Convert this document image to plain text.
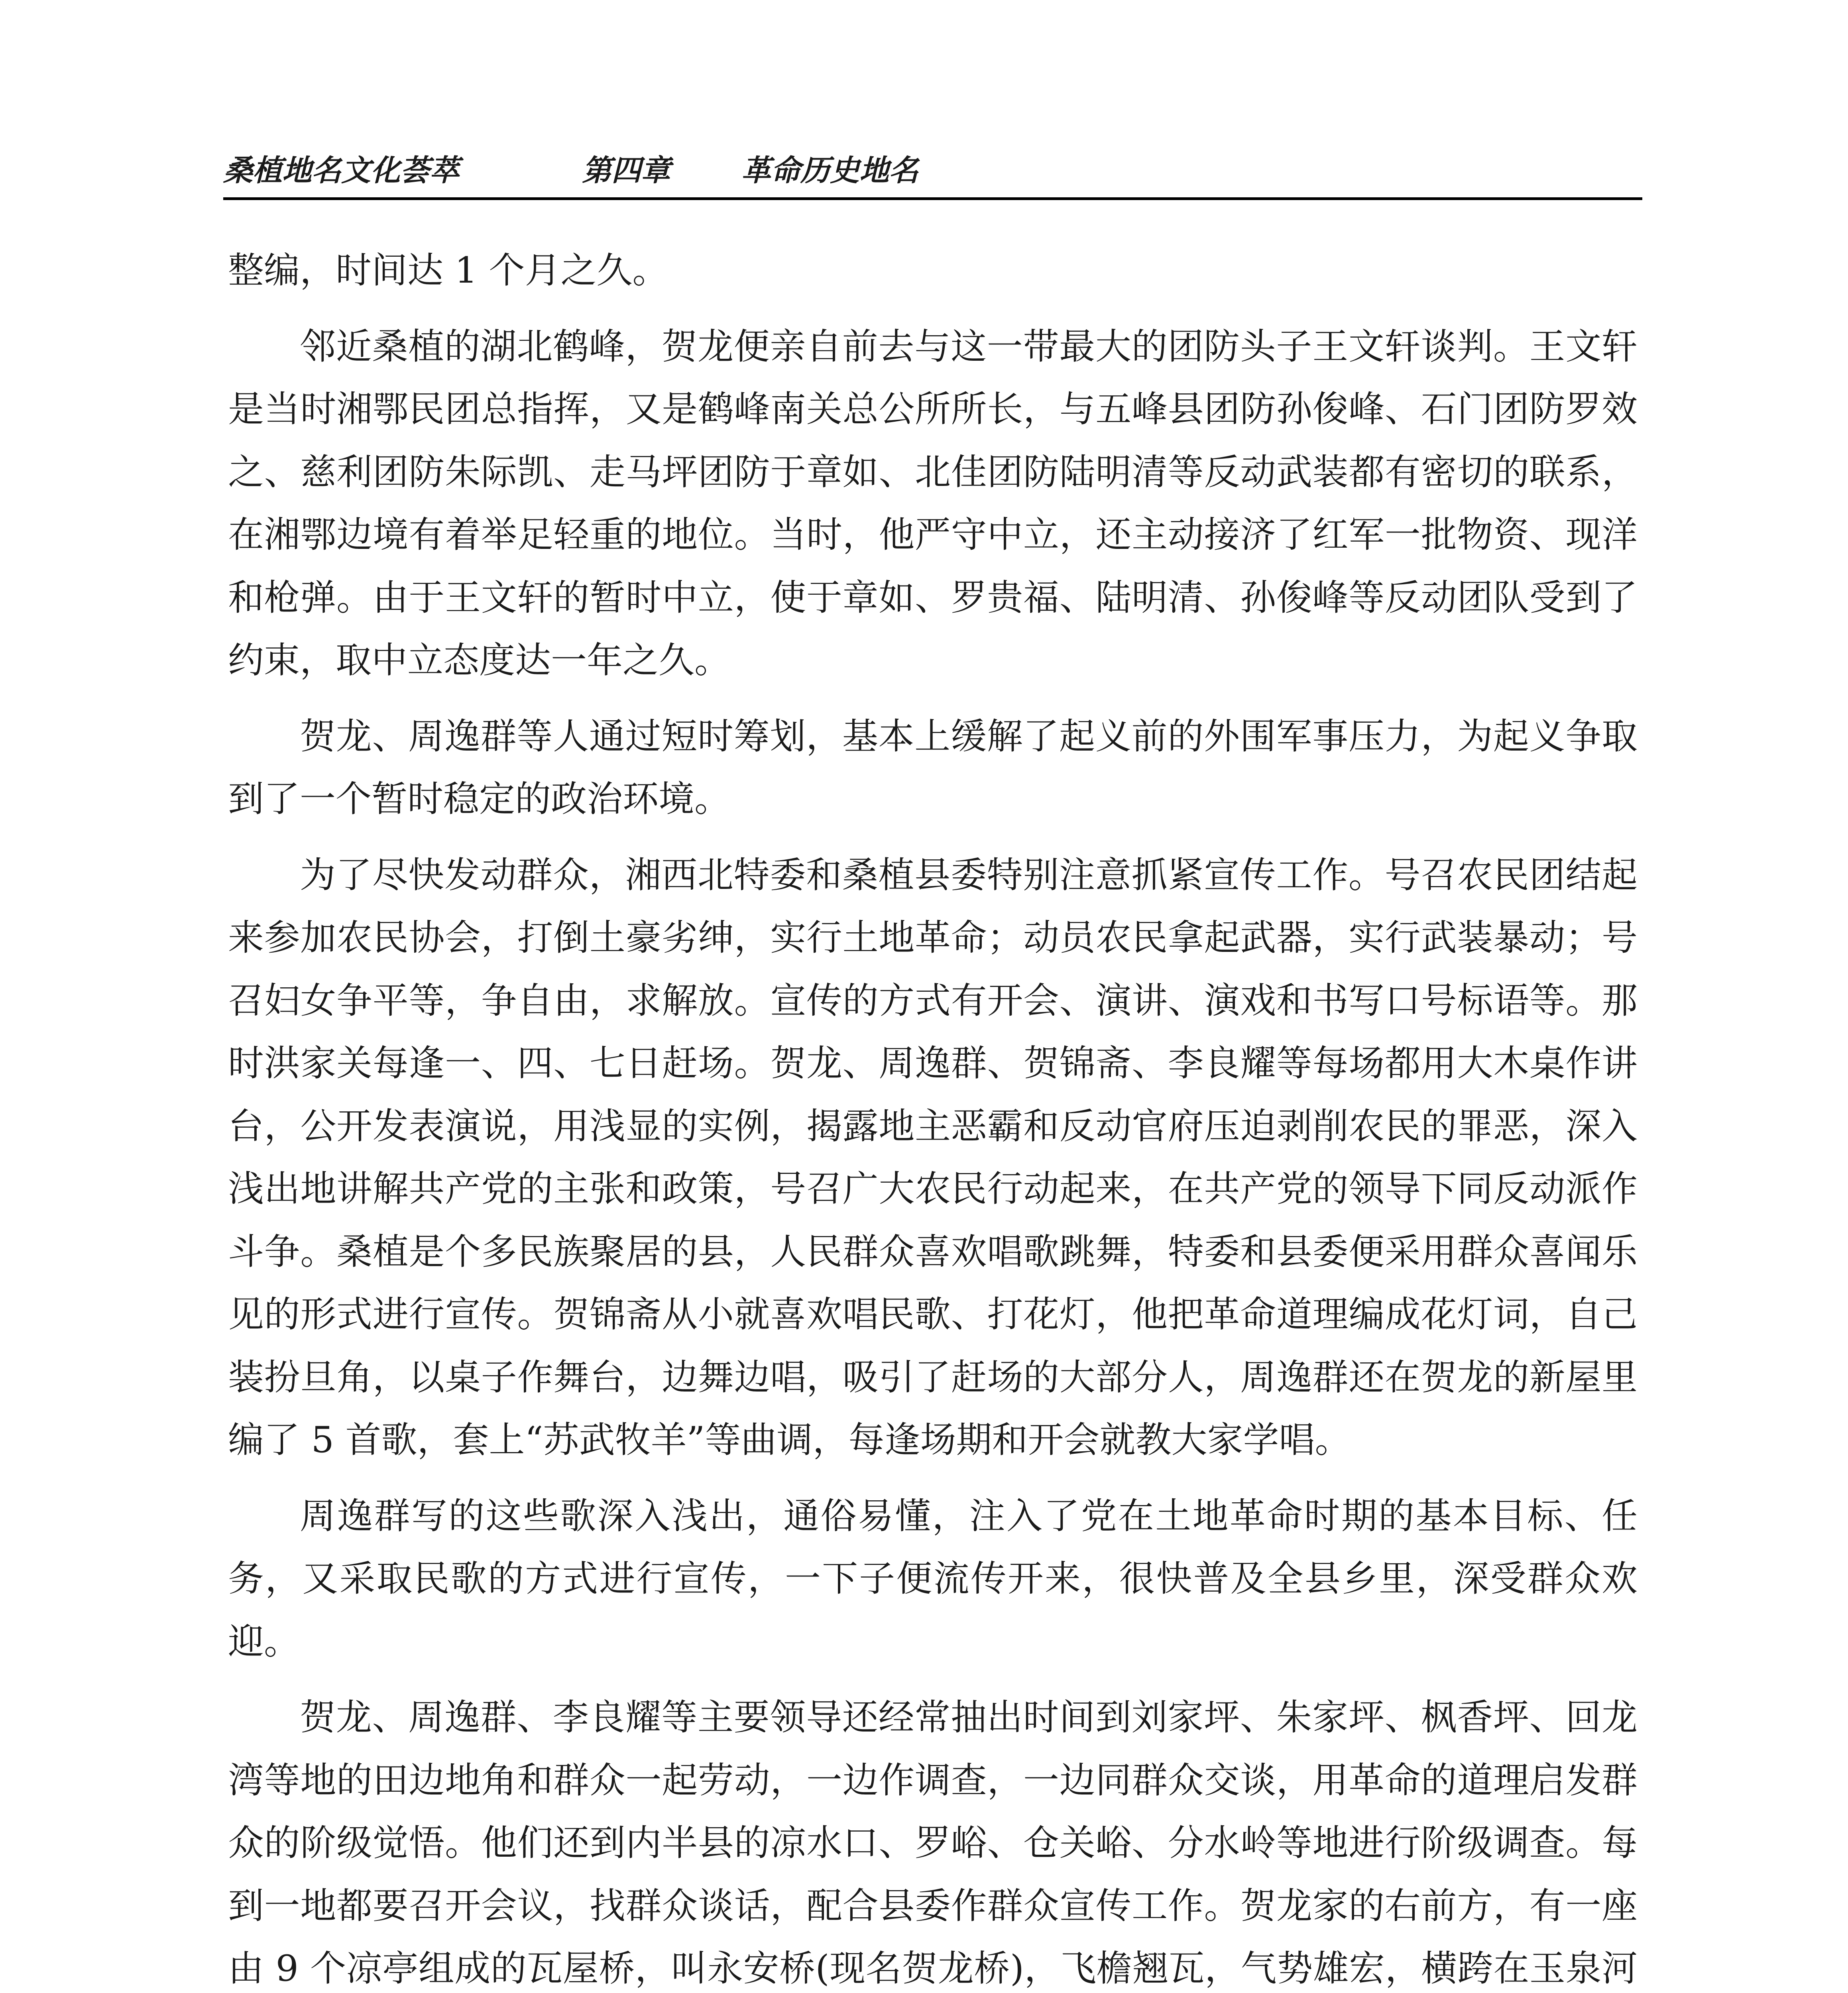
桑植地名文化荟萃	第四章 革命历史地名

整编，时间达 1 个月之久。

邻近桑植的湖北鹤峰，贺龙便亲自前去与这一带最大的团防头子王文轩谈判。王文轩是当时湘鄂民团总指挥，又是鹤峰南关总公所所长，与五峰县团防孙俊峰、石门团防罗效之、慈利团防朱际凯、走马坪团防于章如、北佳团防陆明清等反动武装都有密切的联系，在湘鄂边境有着举足轻重的地位。当时，他严守中立，还主动接济了红军一批物资、现洋和枪弹。由于王文轩的暂时中立，使于章如、罗贵福、陆明清、孙俊峰等反动团队受到了约束，取中立态度达一年之久。

贺龙、周逸群等人通过短时筹划，基本上缓解了起义前的外围军事压力，为起义争取到了一个暂时稳定的政治环境。

为了尽快发动群众，湘西北特委和桑植县委特别注意抓紧宣传工作。号召农民团结起来参加农民协会，打倒土豪劣绅，实行土地革命；动员农民拿起武器，实行武装暴动；号召妇女争平等，争自由，求解放。宣传的方式有开会、演讲、演戏和书写口号标语等。那时洪家关每逢一、四、七日赶场。贺龙、周逸群、贺锦斋、李良耀等每场都用大木桌作讲台，公开发表演说，用浅显的实例，揭露地主恶霸和反动官府压迫剥削农民的罪恶，深入浅出地讲解共产党的主张和政策，号召广大农民行动起来，在共产党的领导下同反动派作斗争。桑植是个多民族聚居的县，人民群众喜欢唱歌跳舞，特委和县委便采用群众喜闻乐见的形式进行宣传。贺锦斋从小就喜欢唱民歌、打花灯，他把革命道理编成花灯词，自己装扮旦角，以桌子作舞台，边舞边唱，吸引了赶场的大部分人，周逸群还在贺龙的新屋里编了 5 首歌，套上“苏武牧羊”等曲调，每逢场期和开会就教大家学唱。

周逸群写的这些歌深入浅出，通俗易懂，注入了党在土地革命时期的基本目标、任务，又采取民歌的方式进行宣传，一下子便流传开来，很快普及全县乡里，深受群众欢迎。

贺龙、周逸群、李良耀等主要领导还经常抽出时间到刘家坪、朱家坪、枫香坪、回龙湾等地的田边地角和群众一起劳动，一边作调查，一边同群众交谈，用革命的道理启发群众的阶级觉悟。他们还到内半县的凉水口、罗峪、仓关峪、分水岭等地进行阶级调查。每到一地都要召开会议，找群众谈话，配合县委作群众宣传工作。贺龙家的右前方，有一座由 9 个凉亭组成的瓦屋桥，叫永安桥(现名贺龙桥)，飞檐翘瓦，气势雄宏，横跨在玉泉河
